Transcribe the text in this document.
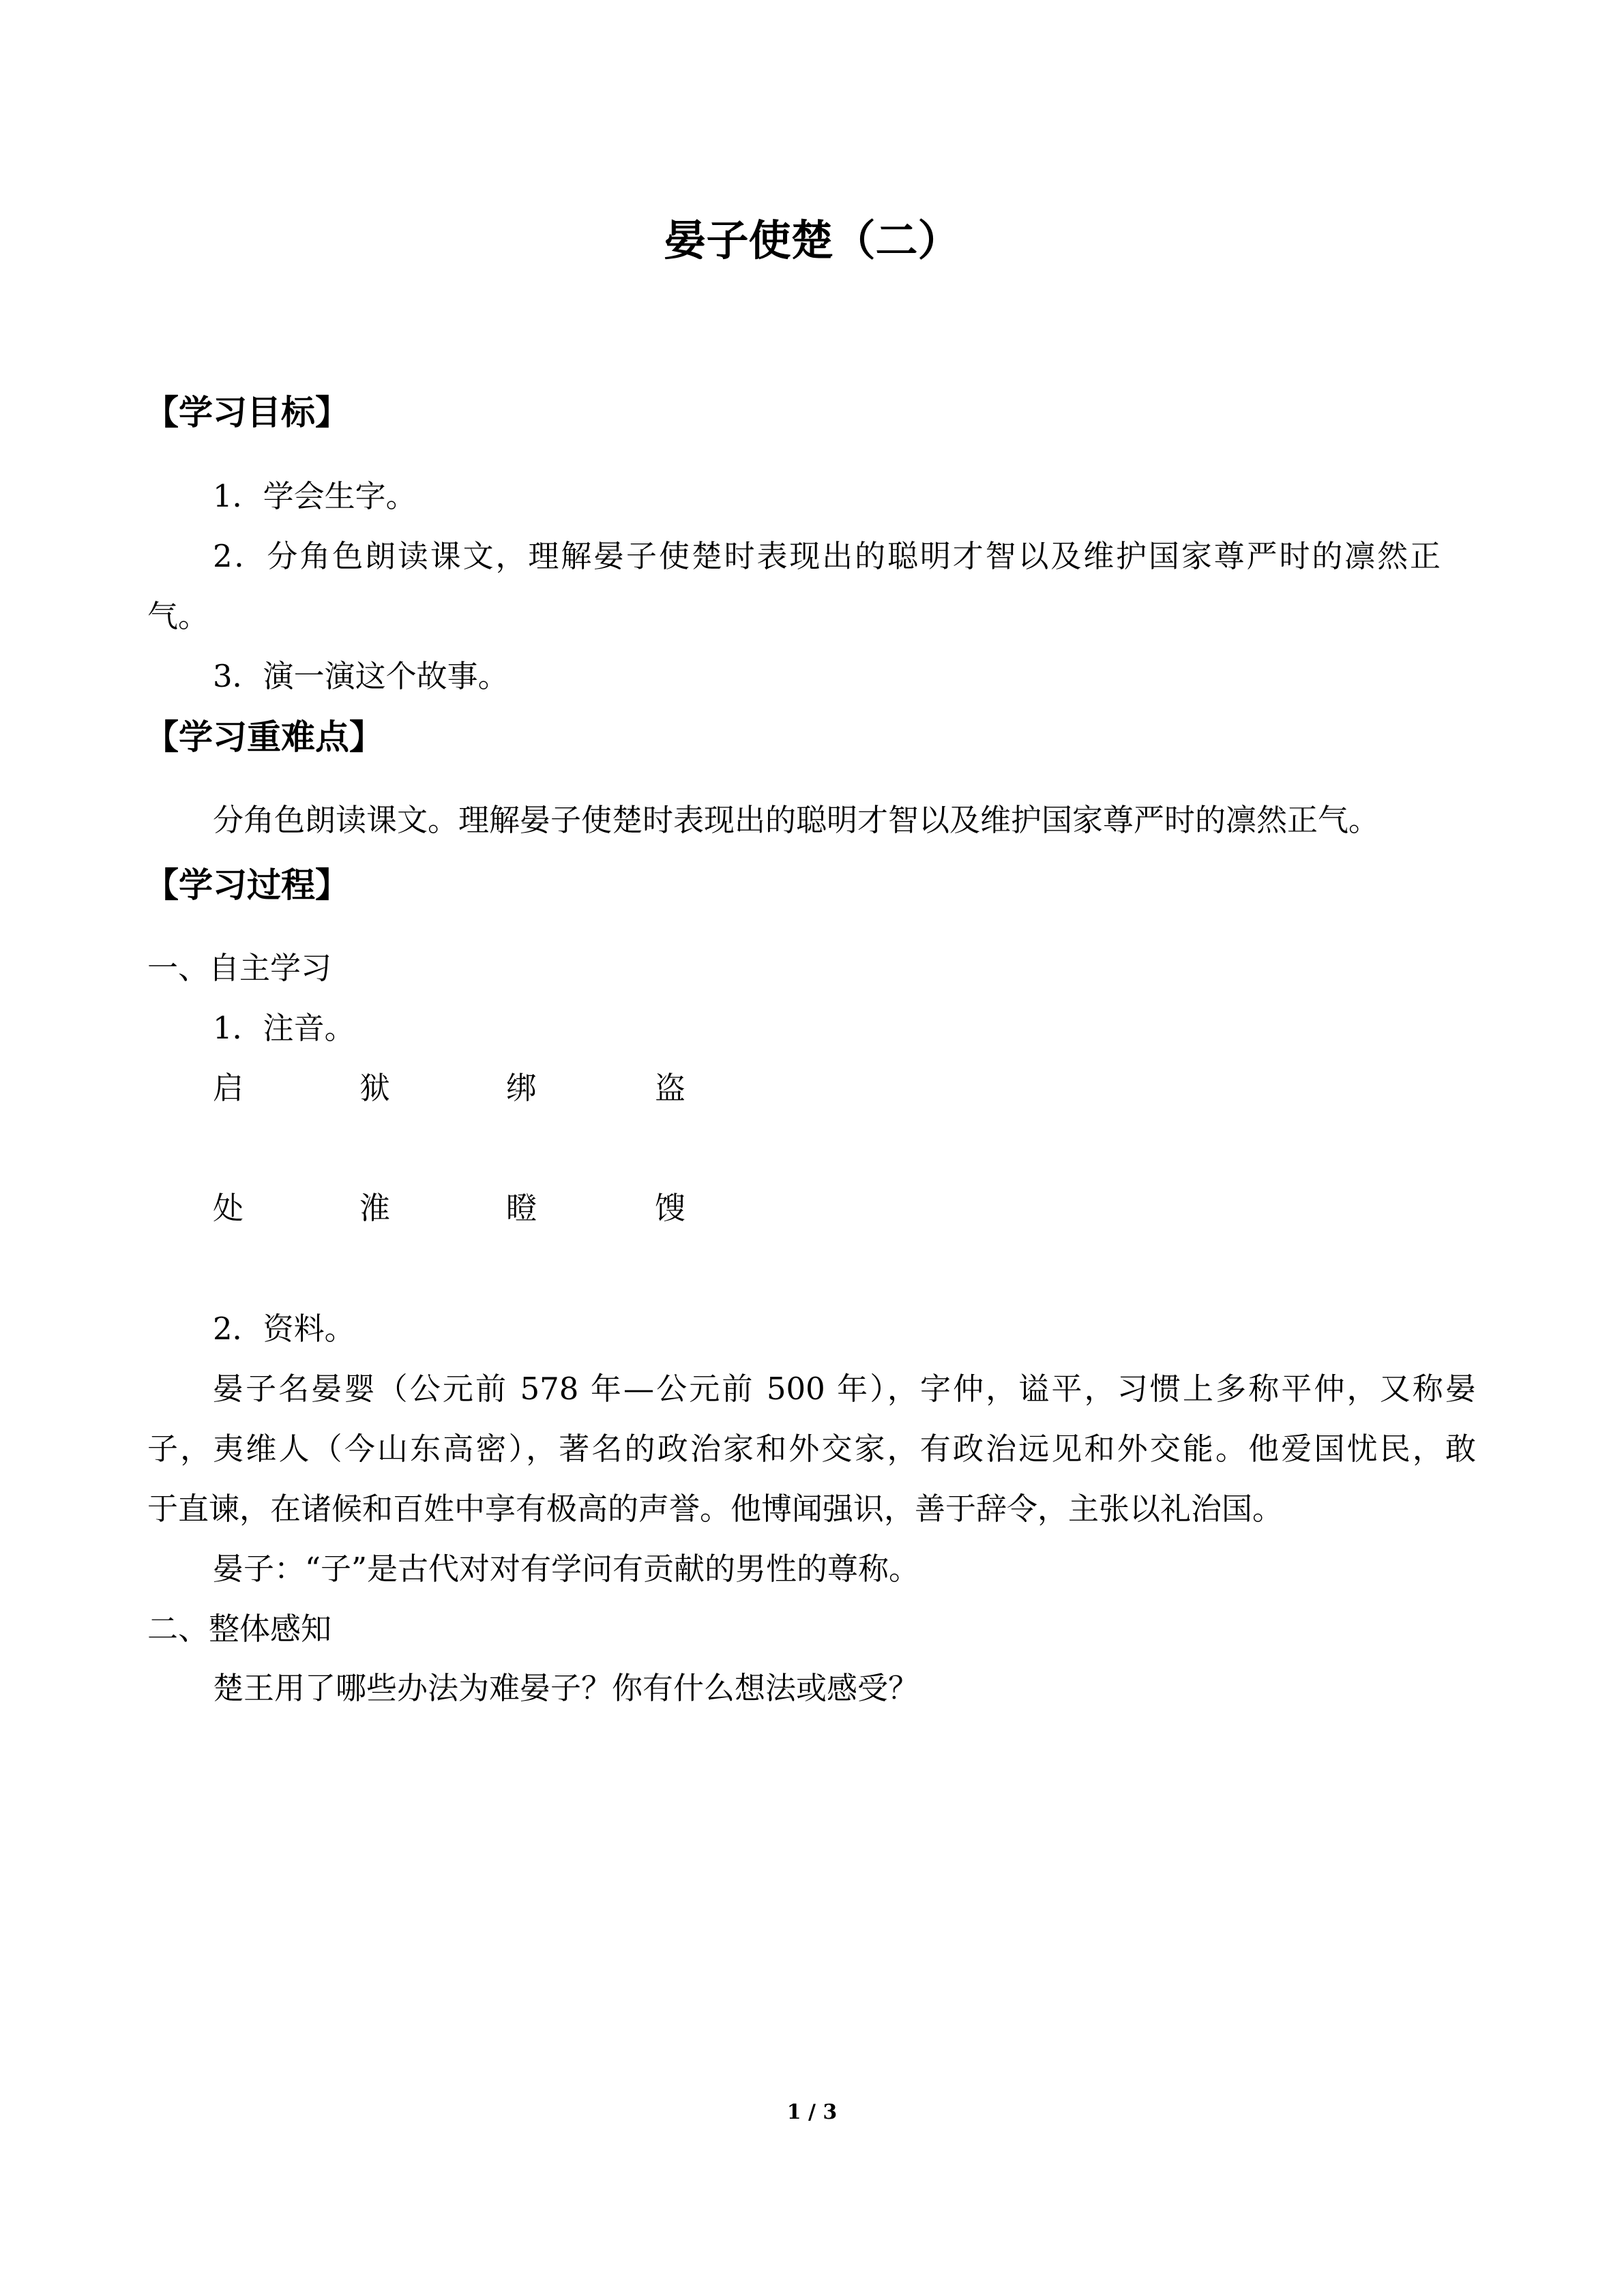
晏子使楚（二）
【学习目标】
1．学会生字。
2．分角色朗读课文，理解晏子使楚时表现出的聪明才智以及维护国家尊严时的凛然正
气。
3．演一演这个故事。
【学习重难点】
分角色朗读课文。理解晏子使楚时表现出的聪明才智以及维护国家尊严时的凛然正气。
【学习过程】
一、自主学习
1．注音。
启	狱	绑	盗
处	淮	瞪	馊
2．资料。
晏子名晏婴（公元前 578 年—公元前 500 年），字仲，谥平，习惯上多称平仲，又称晏
子，夷维人（今山东高密），著名的政治家和外交家，有政治远见和外交能。他爱国忧民，敢
于直谏，在诸候和百姓中享有极高的声誉。他博闻强识，善于辞令，主张以礼治国。
晏子：“子”是古代对对有学问有贡献的男性的尊称。
二、整体感知
楚王用了哪些办法为难晏子？你有什么想法或感受？
1 / 3
